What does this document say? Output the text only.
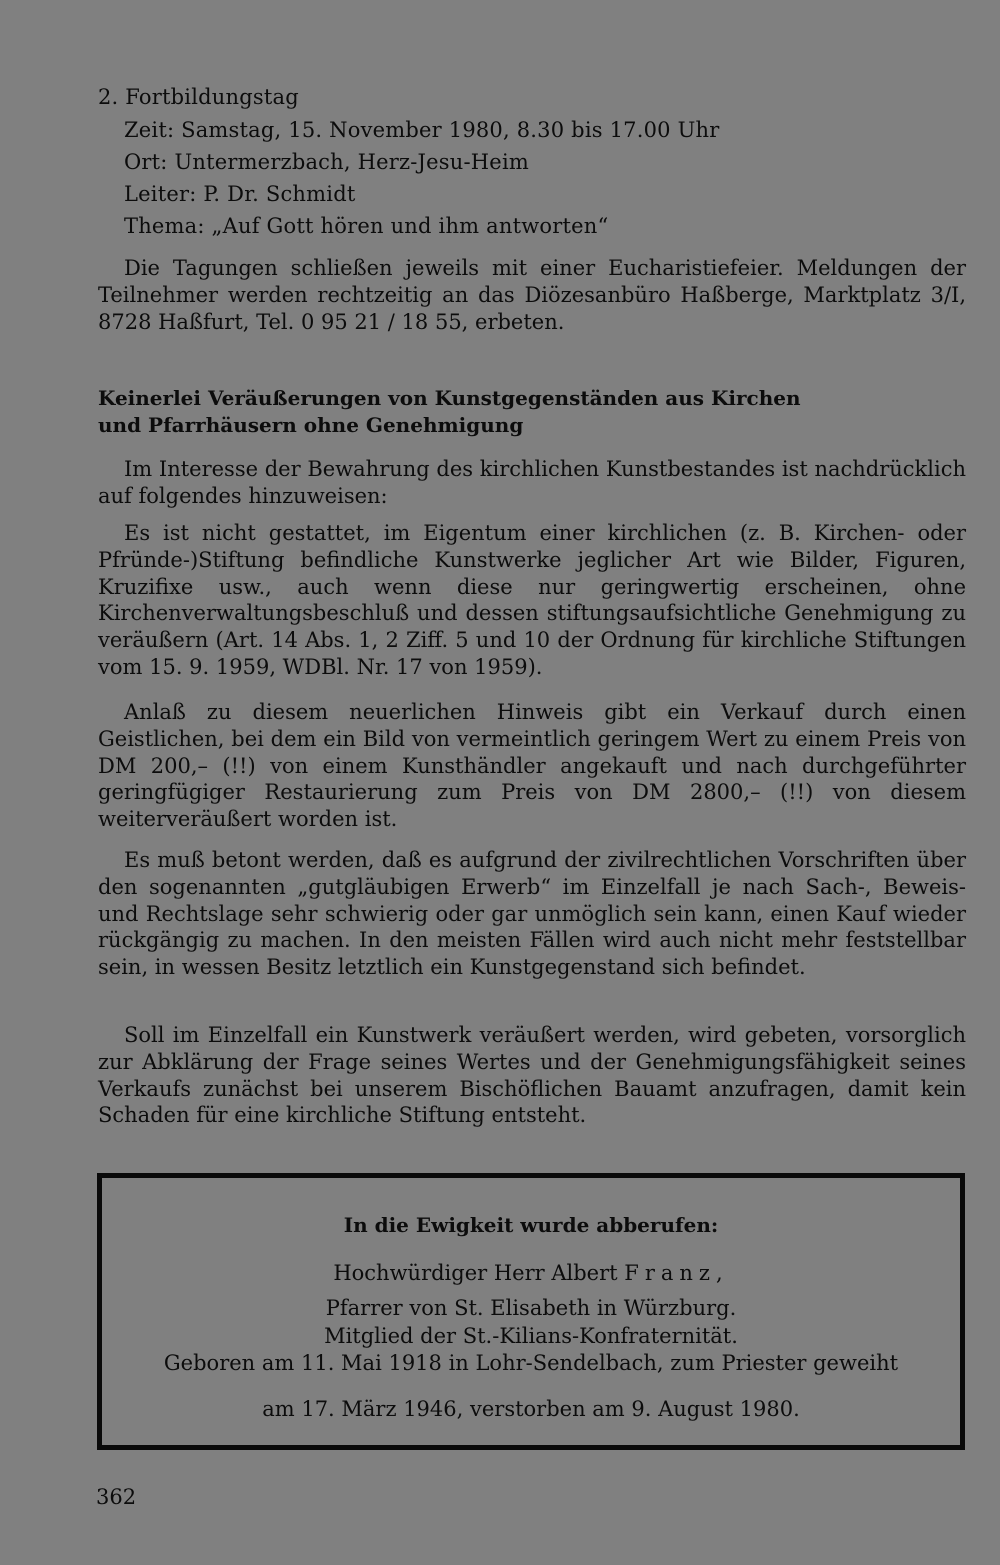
2. Fortbildungstag
Zeit: Samstag, 15. November 1980, 8.30 bis 17.00 Uhr
Ort: Untermerzbach, Herz-Jesu-Heim
Leiter: P. Dr. Schmidt
Thema: „Auf Gott hören und ihm antworten“
Die Tagungen schließen jeweils mit einer Eucharistiefeier. Meldungen der Teilnehmer werden rechtzeitig an das Diözesanbüro Haßberge, Marktplatz 3/I, 8728 Haßfurt, Tel. 0 95 21 / 18 55, erbeten.
Keinerlei Veräußerungen von Kunstgegenständen aus Kirchen
und Pfarrhäusern ohne Genehmigung
Im Interesse der Bewahrung des kirchlichen Kunstbestandes ist nachdrücklich auf folgendes hinzuweisen:
Es ist nicht gestattet, im Eigentum einer kirchlichen (z. B. Kirchen- oder Pfründe-)Stiftung befindliche Kunstwerke jeglicher Art wie Bilder, Figuren, Kruzifixe usw., auch wenn diese nur geringwertig erscheinen, ohne Kirchenverwaltungsbeschluß und dessen stiftungsaufsichtliche Genehmigung zu veräußern (Art. 14 Abs. 1, 2 Ziff. 5 und 10 der Ordnung für kirchliche Stiftungen vom 15. 9. 1959, WDBl. Nr. 17 von 1959).
Anlaß zu diesem neuerlichen Hinweis gibt ein Verkauf durch einen Geistlichen, bei dem ein Bild von vermeintlich geringem Wert zu einem Preis von DM 200,– (!!) von einem Kunsthändler angekauft und nach durchgeführter geringfügiger Restaurierung zum Preis von DM 2800,– (!!) von diesem weiterveräußert worden ist.
Es muß betont werden, daß es aufgrund der zivilrechtlichen Vorschriften über den sogenannten „gutgläubigen Erwerb“ im Einzelfall je nach Sach-, Beweis- und Rechtslage sehr schwierig oder gar unmöglich sein kann, einen Kauf wieder rückgängig zu machen. In den meisten Fällen wird auch nicht mehr feststellbar sein, in wessen Besitz letztlich ein Kunstgegenstand sich befindet.
Soll im Einzelfall ein Kunstwerk veräußert werden, wird gebeten, vorsorglich zur Abklärung der Frage seines Wertes und der Genehmigungsfähigkeit seines Verkaufs zunächst bei unserem Bischöflichen Bauamt anzufragen, damit kein Schaden für eine kirchliche Stiftung entsteht.
In die Ewigkeit wurde abberufen:
Hochwürdiger Herr Albert Franz,
Pfarrer von St. Elisabeth in Würzburg.
Mitglied der St.-Kilians-Konfraternität.
Geboren am 11. Mai 1918 in Lohr-Sendelbach, zum Priester geweiht
am 17. März 1946, verstorben am 9. August 1980.
362
